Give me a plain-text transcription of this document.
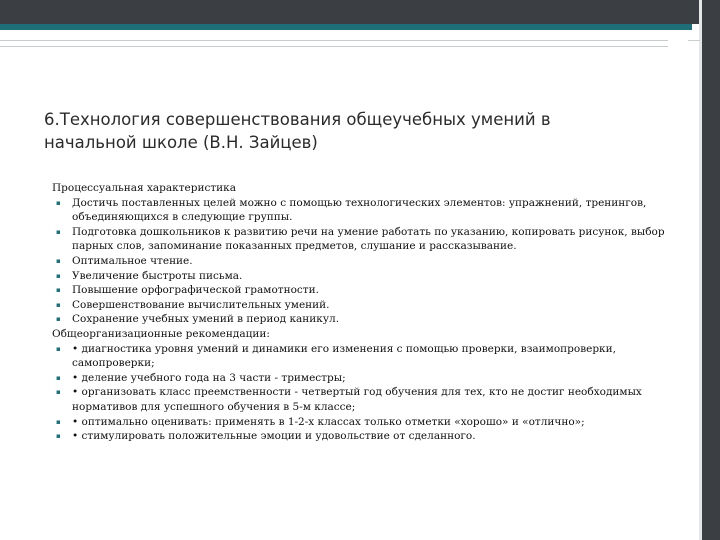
6.Технология совершенствования общеучебных умений в
начальной школе (В.Н. Зайцев)
Процессуальная характеристика
▪ Достичь поставленных целей можно с помощью технологических элементов: упражнений, тренингов,
объединяющихся в следующие группы.
▪ Подготовка дошкольников к развитию речи на умение работать по указанию, копировать рисунок, выбор
парных слов, запоминание показанных предметов, слушание и рассказывание.
▪ Оптимальное чтение.
▪ Увеличение быстроты письма.
▪ Повышение орфографической грамотности.
▪ Совершенствование вычислительных умений.
▪ Сохранение учебных умений в период каникул.
Общеорганизационные рекомендации:
▪ • диагностика уровня умений и динамики его изменения с помощью проверки, взаимопроверки,
самопроверки;
▪ • деление учебного года на 3 части - триместры;
▪ • организовать класс преемственности - четвертый год обучения для тех, кто не достиг необходимых
нормативов для успешного обучения в 5-м классе;
▪ • оптимально оценивать: применять в 1-2-х классах только отметки «хорошо» и «отлично»;
▪ • стимулировать положительные эмоции и удовольствие от сделанного.
